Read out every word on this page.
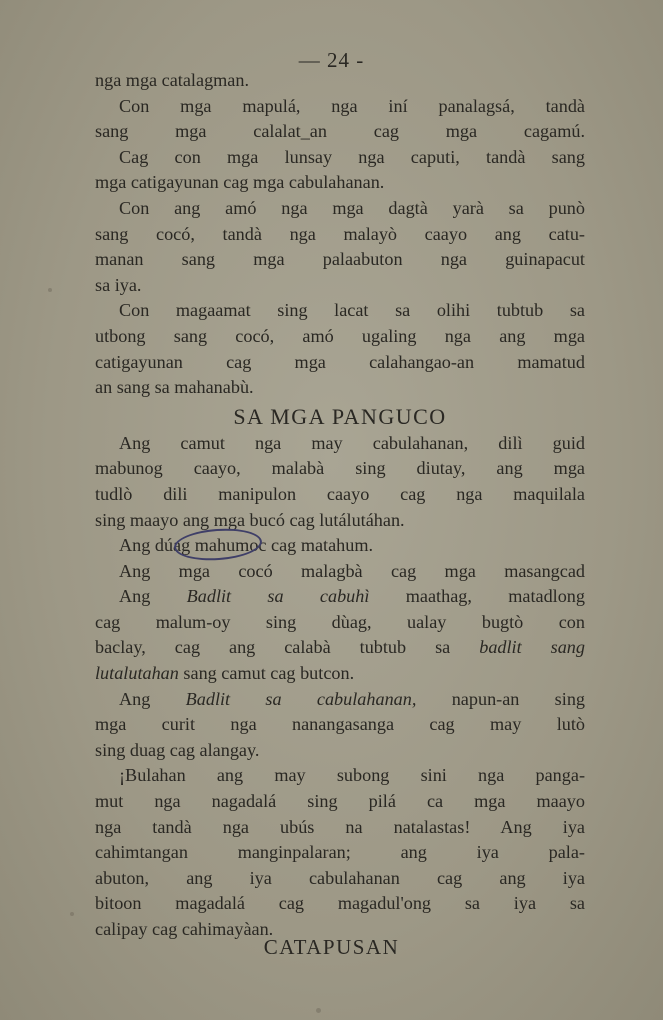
— 24 -
nga mga catalagman.
Con mga mapulá, nga iní panalagsá, tandà
sang mga calalat_an cag mga cagamú.
Cag con mga lunsay nga caputi, tandà sang
mga catigayunan cag mga cabulahanan.
Con ang amó nga mga dagtà yarà sa punò
sang cocó, tandà nga malayò caayo ang catu-
manan sang mga palaabuton nga guinapacut
sa iya.
Con magaamat sing lacat sa olihi tubtub sa
utbong sang cocó, amó ugaling nga ang mga
catigayunan cag mga calahangao-an mamatud
an sang sa mahanabù.
SA MGA PANGUCO
Ang camut nga may cabulahanan, dilì guid
mabunog caayo, malabà sing diutay, ang mga
tudlò dili manipulon caayo cag nga maquilala
sing maayo ang mga bucó cag lutálutáhan.
Ang dúag mahumoc cag matahum.
Ang mga cocó malagbà cag mga masangcad
Ang Badlit sa cabuhì maathag, matadlong
cag malum-oy sing dùag, ualay bugtò con
baclay, cag ang calabà tubtub sa badlit sang
lutalutahan sang camut cag butcon.
Ang Badlit sa cabulahanan, napun-an sing
mga curit nga nanangasanga cag may lutò
sing duag cag alangay.
¡Bulahan ang may subong sini nga panga-
mut nga nagadalá sing pilá ca mga maayo
nga tandà nga ubús na natalastas! Ang iya
cahimtangan manginpalaran; ang iya pala-
abuton, ang iya cabulahanan cag ang iya
bitoon magadalá cag magadul'ong sa iya sa
calipay cag cahimayàan.
CATAPUSAN
